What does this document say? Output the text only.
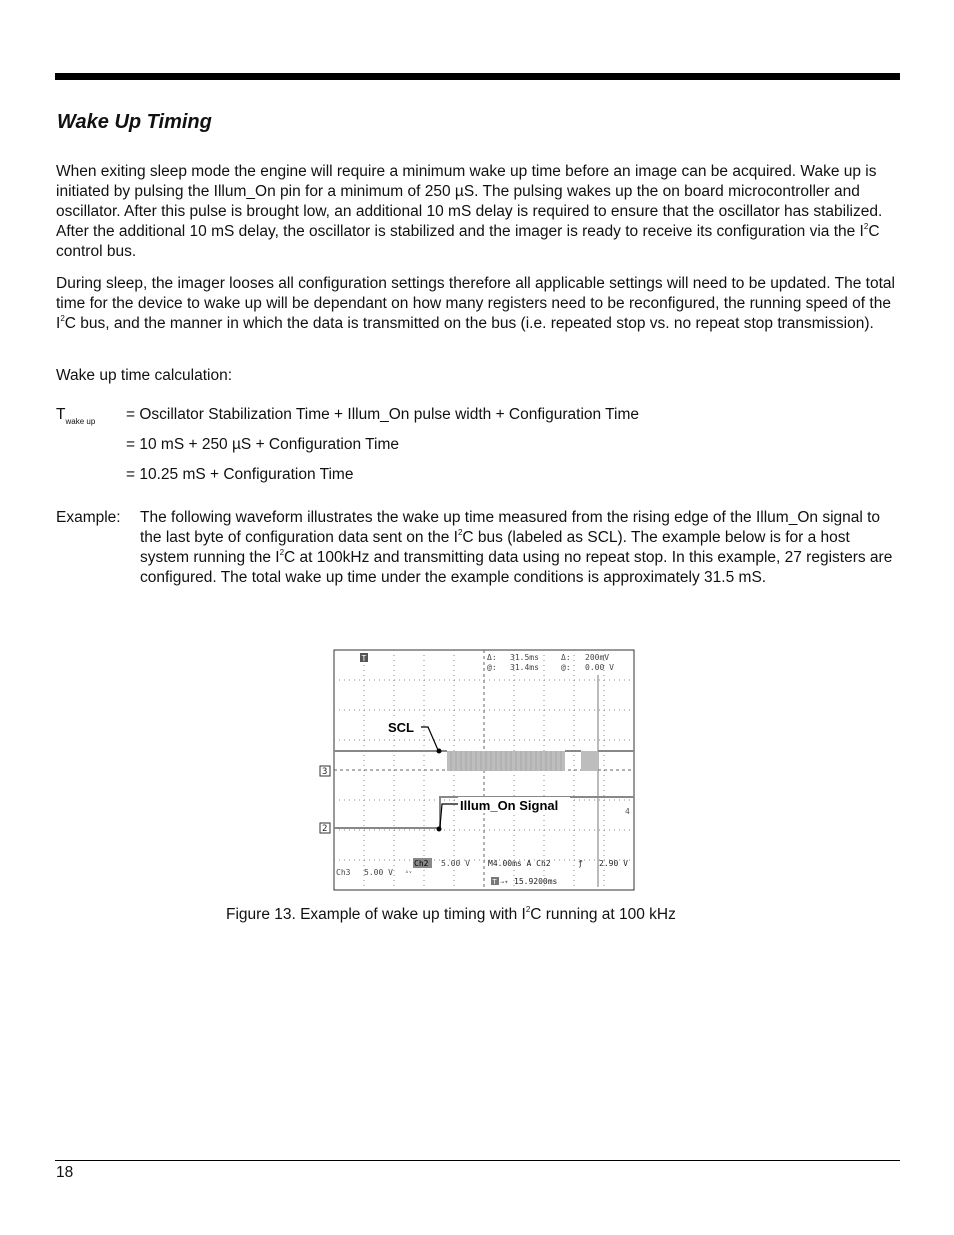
Wake Up Timing

When exiting sleep mode the engine will require a minimum wake up time before an image can be acquired. Wake up is initiated by pulsing the Illum_On pin for a minimum of 250 µS. The pulsing wakes up the on board microcontroller and oscillator. After this pulse is brought low, an additional 10 mS delay is required to ensure that the oscillator has stabilized. After the additional 10 mS delay, the oscillator is stabilized and the imager is ready to receive its configuration via the $I^2C$ control bus.

During sleep, the imager looses all configuration settings therefore all applicable settings will need to be updated. The total time for the device to wake up will be dependant on how many registers need to be reconfigured, the running speed of the $I^2C$ bus, and the manner in which the data is transmitted on the bus (i.e. repeated stop vs. no repeat stop transmission).

Wake up time calculation:

$T_{wake up}$ = Oscillator Stabilization Time + Illum_On pulse width + Configuration Time
= 10 mS + 250 µS + Configuration Time
= 10.25 mS + Configuration Time
Example: The following waveform illustrates the wake up time measured from the rising edge of the Illum_On signal to the last byte of configuration data sent on the $I^2C$ bus (labeled as SCL). The example below is for a host system running the $I^2C$ at 100kHz and transmitting data using no repeat stop. In this example, 27 registers are configured. The total wake up time under the example conditions is approximately 31.5 mS.
T	Δ: 31.5ms
@: 31.4ms
Δ: 200mV
@: 0.00 V
3
2
4
SCL
Illum_On Signal
Ch2 5.00 V M4.00ms A Ch2	ƒ 2.90 V
Ch3 5.00 V ᴬᵛ
T →▾ 15.9200ms
Figure 13. Example of wake up timing with $I^2C$ running at 100 kHz
18
